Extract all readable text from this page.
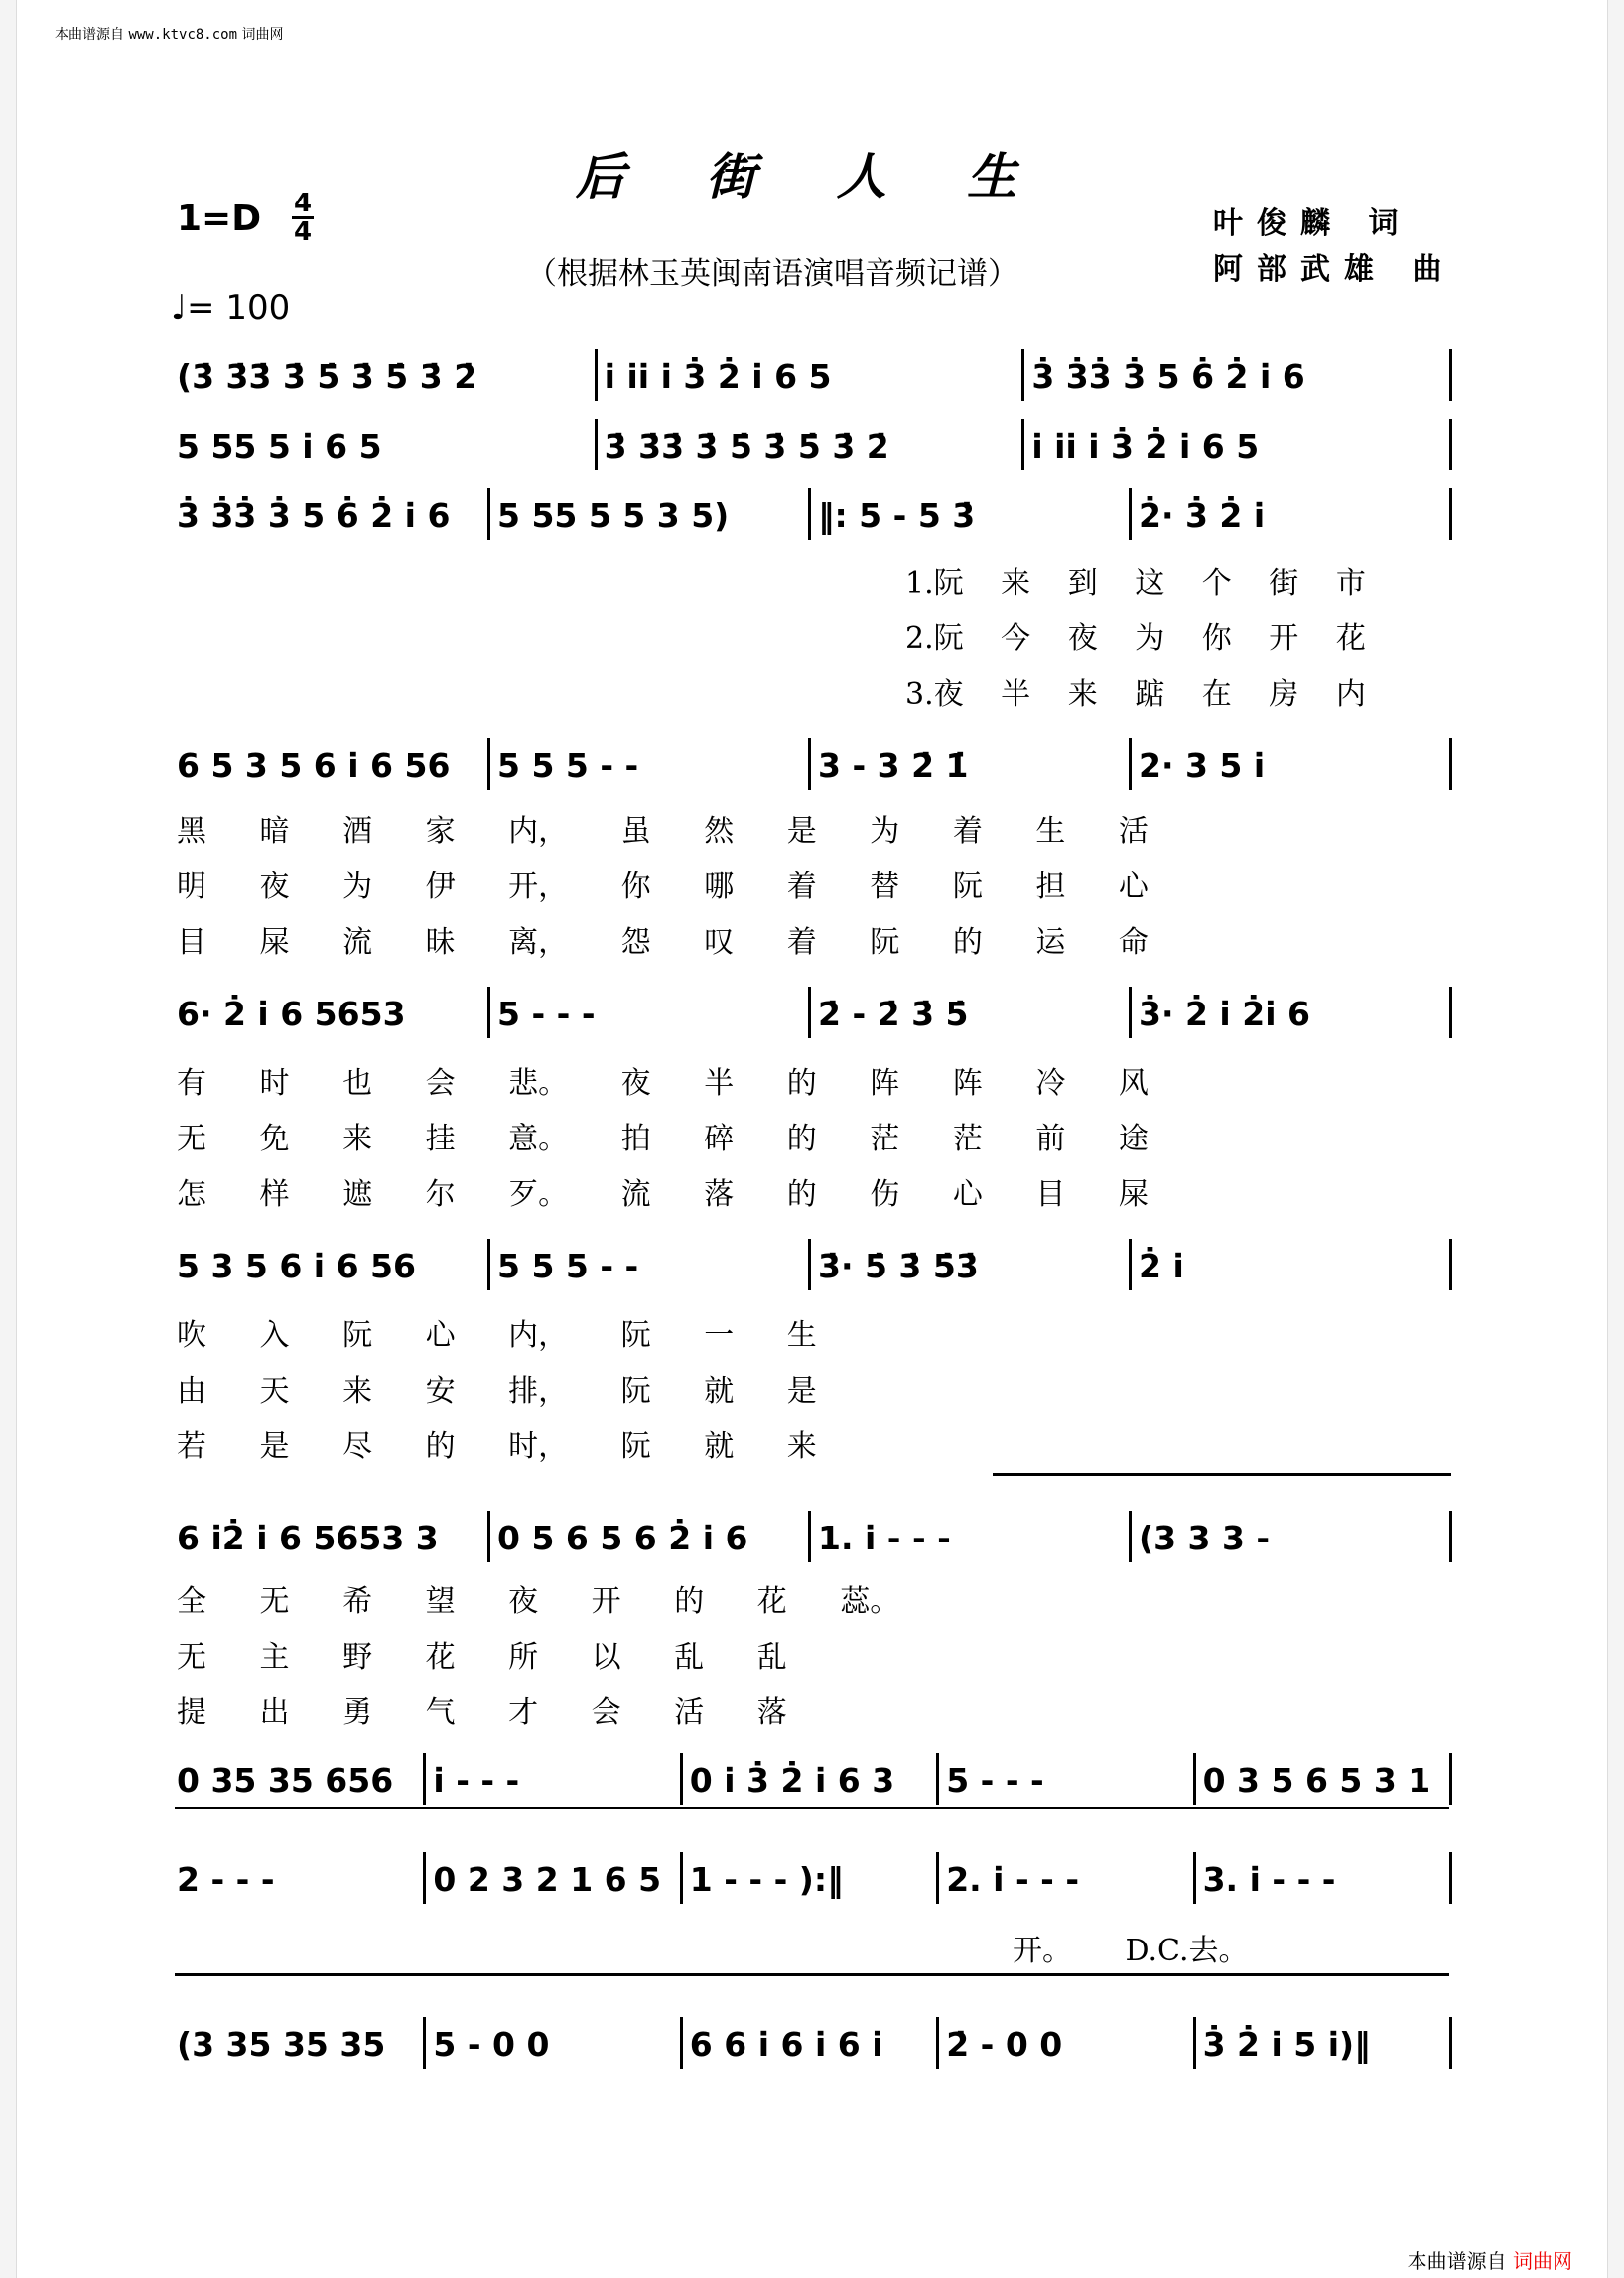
本曲谱源自 www.ktvc8.com 词曲网
后 街 人 生
1=D 4
4
♩= 100
（根据林玉英闽南语演唱音频记谱）
叶俊麟 词
阿部武雄 曲
(3̇ 3̇3̇ 3̇ 5̇ 3̇ 5̇ 3̇ 2̇	i̇ i̇i̇ i̇ 3̇ 2̇ i̇ 6 5	3̇ 3̇3̇ 3̇ 5 6̇ 2̇ i̇ 6
5 55 5 i̇ 6 5	3̇ 3̇3̇ 3̇ 5̇ 3̇ 5̇ 3̇ 2̇	i̇ i̇i̇ i̇ 3̇ 2̇ i̇ 6 5
3̇ 3̇3̇ 3̇ 5 6̇ 2̇ i̇ 6	5 55 5 5 3 5)	‖: 5 - 5 3̇	2̇· 3̇ 2̇ i̇
6 5 3 5 6 i̇ 6 56	5 5 5 - -	3 - 3 2̇ 1̇	2· 3 5 i̇
6· 2̇ i̇ 6 5653	5 - - -	2̇ - 2̇ 3̇ 5̇	3̇· 2̇ i̇ 2̇i̇ 6
5 3 5 6 i̇ 6 56	5 5 5 - -	3̇· 5̇ 3̇ 5̇3̇	2̇ i̇
6 i̇2̇ i̇ 6 5653 3	0 5 6 5 6 2̇ i̇ 6	1. i̇ - - -	(3 3 3 -
0 35 35 656	i̇ - - -	0 i̇ 3̇ 2̇ i̇ 6 3	5 - - -	0 3 5 6 5 3 1
2 - - -	0 2 3 2 1 6 5 1 - - - ):‖	2. i̇ - - -	3. i̇ - - -
(3 35 35 35	5 - 0 0	6 6 i̇ 6 i̇ 6 i̇	2̇ - 0 0	3̇ 2̇ i̇ 5 i̇)‖
1.阮 来 到 这 个 街 市
2.阮 今 夜 为 你 开 花
3.夜 半 来 踮 在 房 内
黑 暗 酒 家 内， 虽 然 是 为 着 生 活
明 夜 为 伊 开， 你 哪 着 替 阮 担 心
目 屎 流 昧 离， 怨 叹 着 阮 的 运 命
有 时 也 会 悲。 夜 半 的 阵 阵 冷 风
无 免 来 挂 意。 拍 碎 的 茫 茫 前 途
怎 样 遮 尔 歹。 流 落 的 伤 心 目 屎
吹 入 阮 心 内， 阮 一 生
由 天 来 安 排， 阮 就 是
若 是 尽 的 时， 阮 就 来
全 无 希 望 夜 开 的 花 蕊。
无 主 野 花 所 以 乱 乱
提 出 勇 气 才 会 活 落
开。 D.C.去。
本曲谱源自 词曲网
